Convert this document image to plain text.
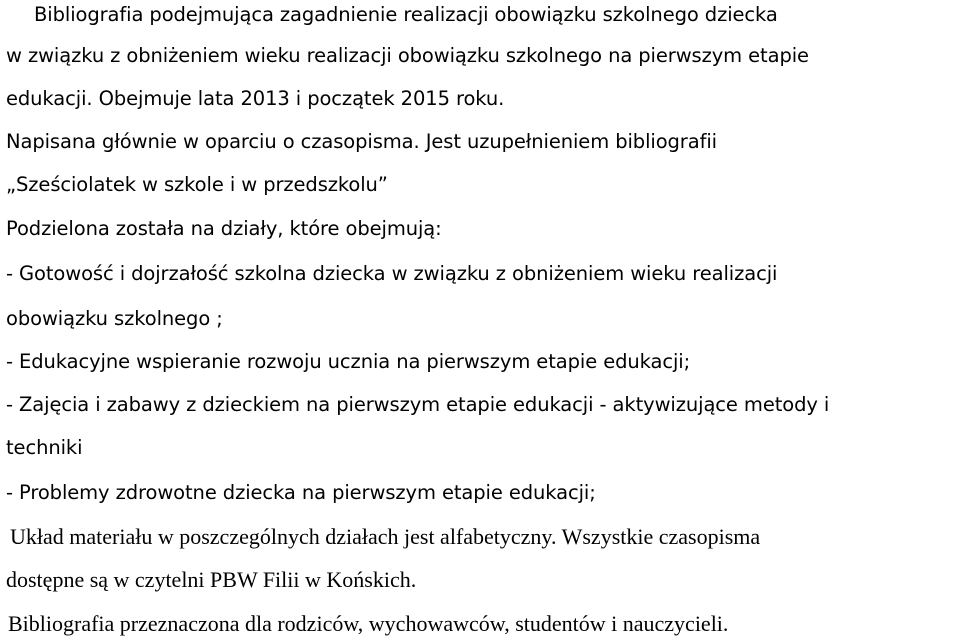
Bibliografia podejmująca zagadnienie realizacji obowiązku szkolnego dziecka
w związku z obniżeniem wieku realizacji obowiązku szkolnego na pierwszym etapie
edukacji. Obejmuje lata 2013 i początek 2015 roku.
Napisana głównie w oparciu o czasopisma. Jest uzupełnieniem bibliografii
„Sześciolatek w szkole i w przedszkolu”
Podzielona została na działy, które obejmują:
- Gotowość i dojrzałość szkolna dziecka w związku z obniżeniem wieku realizacji
obowiązku szkolnego ;
- Edukacyjne wspieranie rozwoju ucznia na pierwszym etapie edukacji;
- Zajęcia i zabawy z dzieckiem na pierwszym etapie edukacji - aktywizujące metody i
techniki
- Problemy zdrowotne dziecka na pierwszym etapie edukacji;
Układ materiału w poszczególnych działach jest alfabetyczny. Wszystkie czasopisma
dostępne są w czytelni PBW Filii w Końskich.
Bibliografia przeznaczona dla rodziców, wychowawców, studentów i nauczycieli.
